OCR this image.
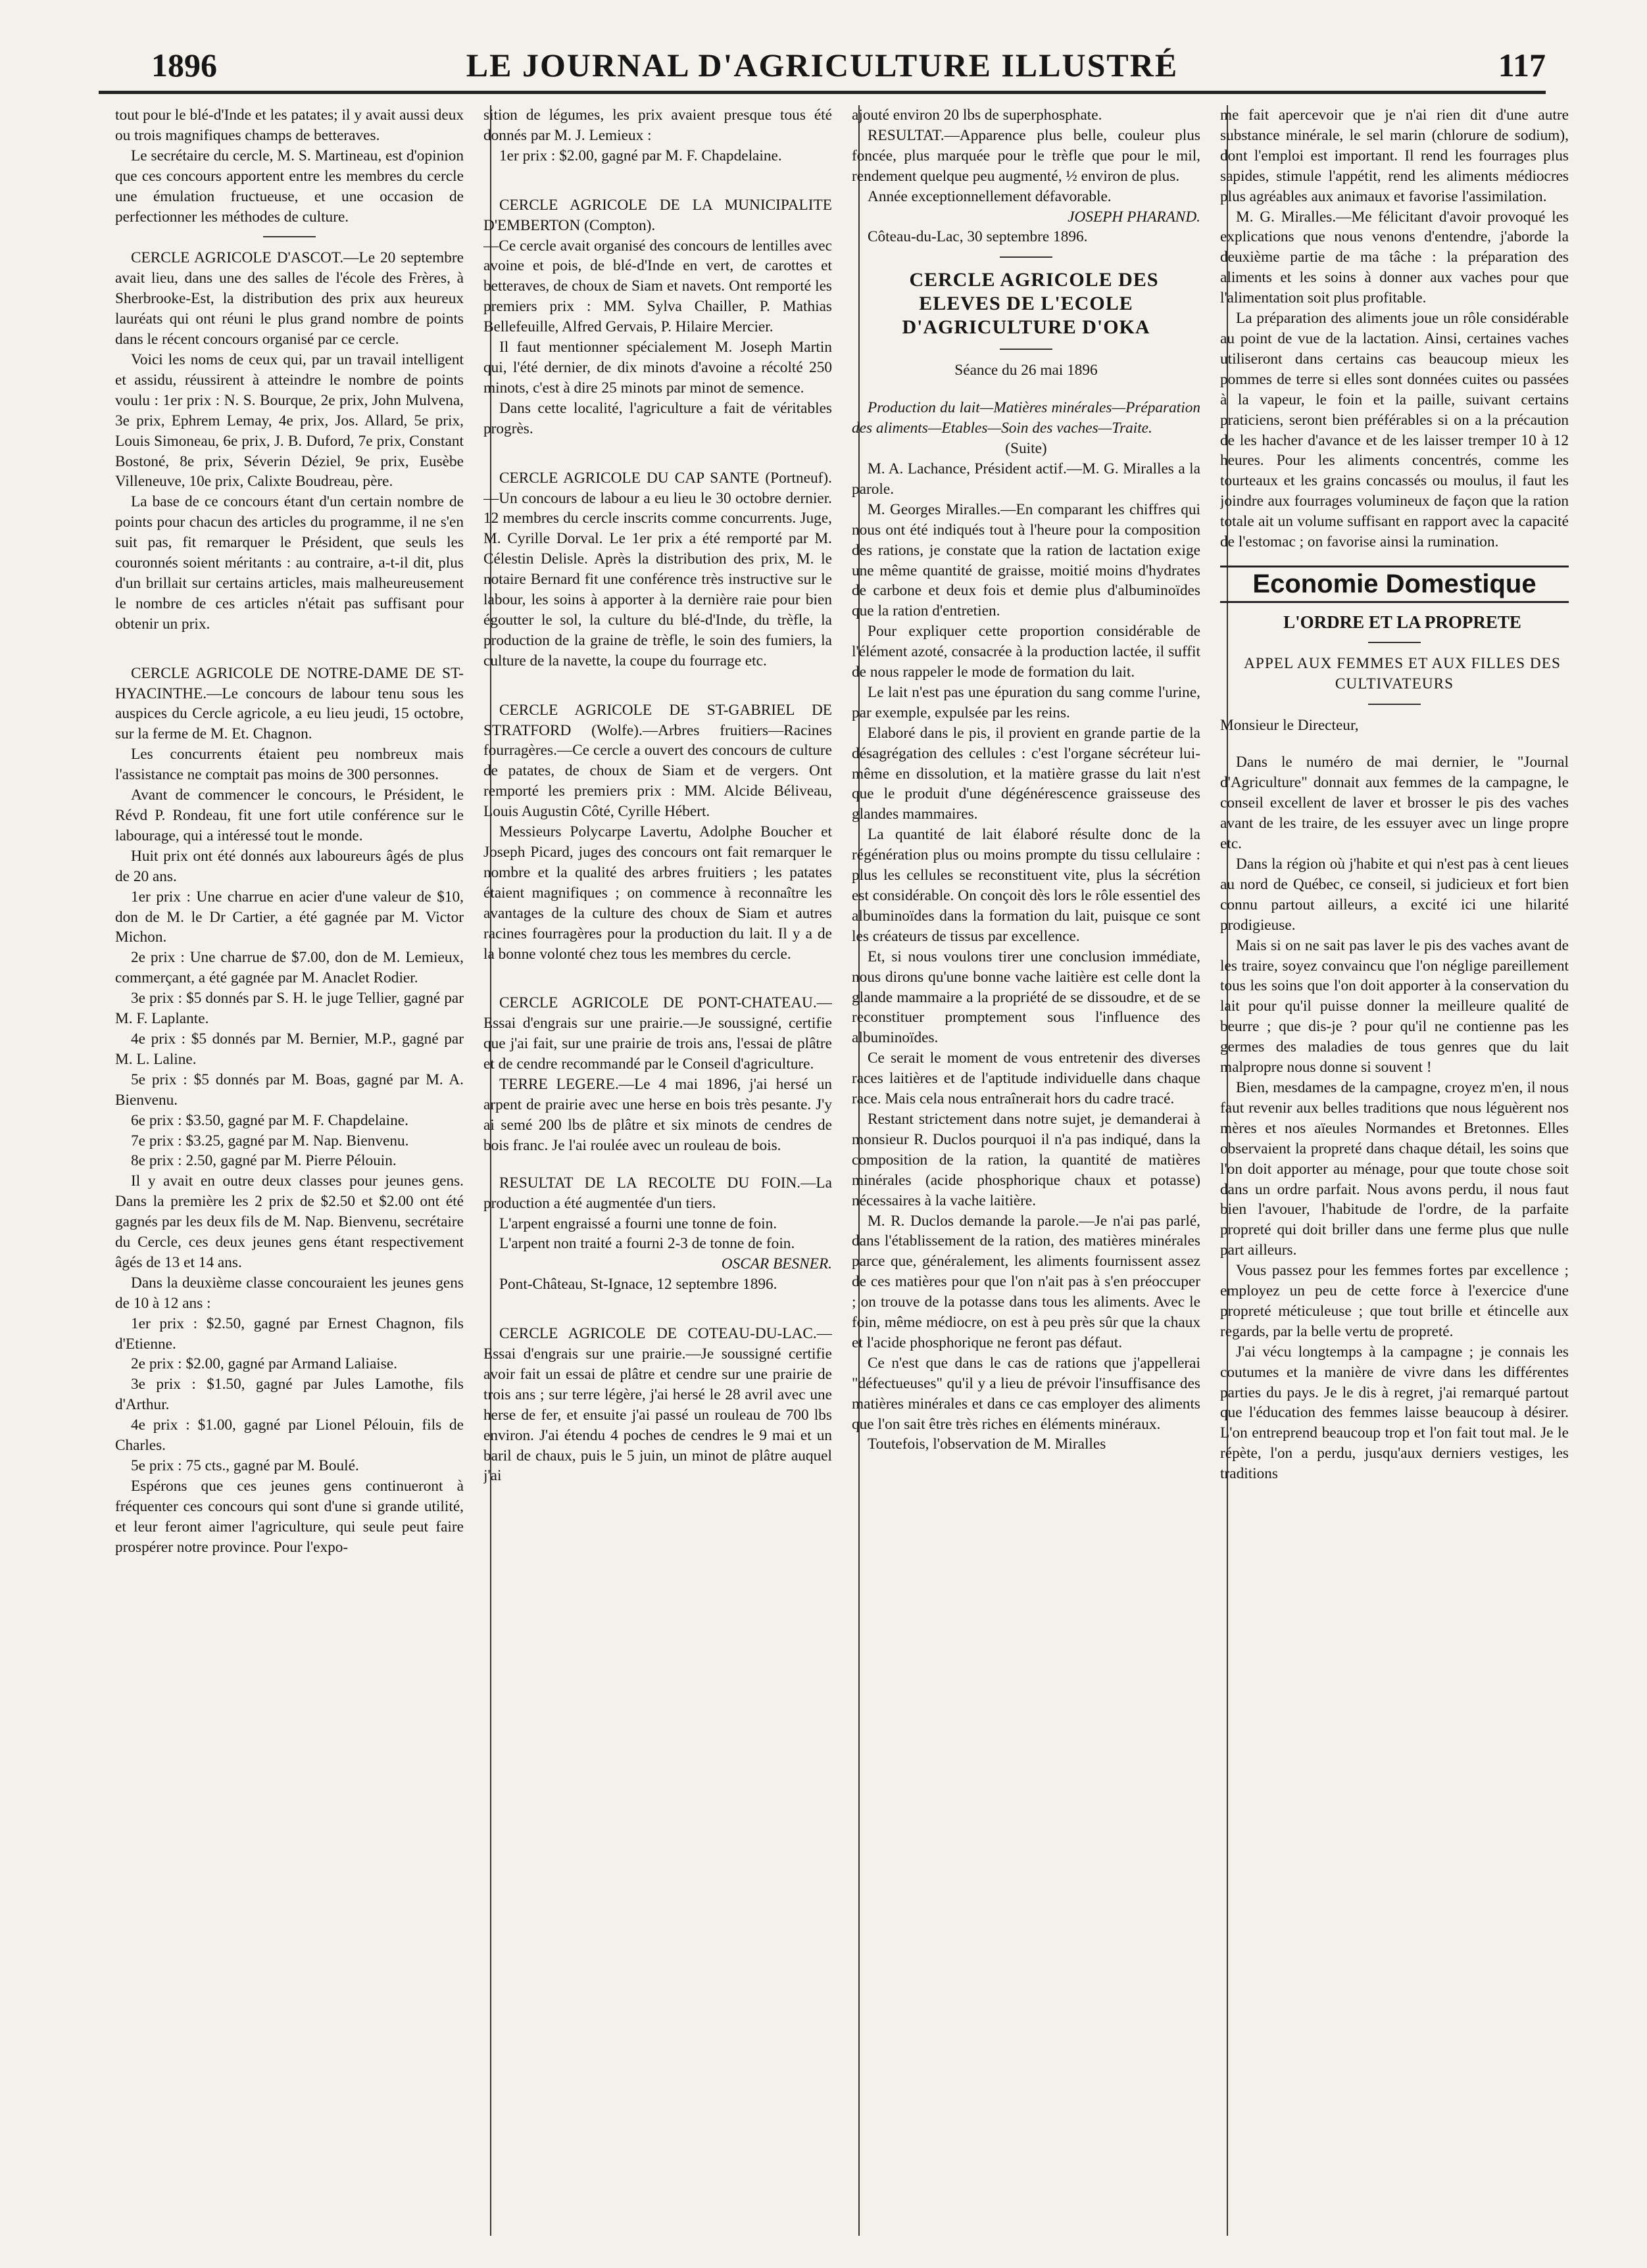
1896	LE JOURNAL D'AGRICULTURE ILLUSTRÉ	117

tout pour le blé-d'Inde et les patates; il y avait aussi deux ou trois magnifiques champs de betteraves.

Le secrétaire du cercle, M. S. Martineau, est d'opinion que ces concours apportent entre les membres du cercle une émulation fructueuse, et une occasion de perfectionner les méthodes de culture.

CERCLE AGRICOLE D'ASCOT.—Le 20 septembre avait lieu, dans une des salles de l'école des Frères, à Sherbrooke-Est, la distribution des prix aux heureux lauréats qui ont réuni le plus grand nombre de points dans le récent concours organisé par ce cercle.

Voici les noms de ceux qui, par un travail intelligent et assidu, réussirent à atteindre le nombre de points voulu : 1er prix : N. S. Bourque, 2e prix, John Mulvena, 3e prix, Ephrem Lemay, 4e prix, Jos. Allard, 5e prix, Louis Simoneau, 6e prix, J. B. Duford, 7e prix, Constant Bostoné, 8e prix, Séverin Déziel, 9e prix, Eusèbe Villeneuve, 10e prix, Calixte Boudreau, père.

La base de ce concours étant d'un certain nombre de points pour chacun des articles du programme, il ne s'en suit pas, fit remarquer le Président, que seuls les couronnés soient méritants : au contraire, a-t-il dit, plus d'un brillait sur certains articles, mais malheureusement le nombre de ces articles n'était pas suffisant pour obtenir un prix.

CERCLE AGRICOLE DE NOTRE-DAME DE ST-HYACINTHE.—Le concours de labour tenu sous les auspices du Cercle agricole, a eu lieu jeudi, 15 octobre, sur la ferme de M. Et. Chagnon.

Les concurrents étaient peu nombreux mais l'assistance ne comptait pas moins de 300 personnes.

Avant de commencer le concours, le Président, le Révd P. Rondeau, fit une fort utile conférence sur le labourage, qui a intéressé tout le monde.

Huit prix ont été donnés aux laboureurs âgés de plus de 20 ans.

1er prix : Une charrue en acier d'une valeur de $10, don de M. le Dr Cartier, a été gagnée par M. Victor Michon.

2e prix : Une charrue de $7.00, don de M. Lemieux, commerçant, a été gagnée par M. Anaclet Rodier.

3e prix : $5 donnés par S. H. le juge Tellier, gagné par M. F. Laplante.

4e prix : $5 donnés par M. Bernier, M.P., gagné par M. L. Laline.

5e prix : $5 donnés par M. Boas, gagné par M. A. Bienvenu.

6e prix : $3.50, gagné par M. F. Chapdelaine.

7e prix : $3.25, gagné par M. Nap. Bienvenu.

8e prix : 2.50, gagné par M. Pierre Pélouin.

Il y avait en outre deux classes pour jeunes gens. Dans la première les 2 prix de $2.50 et $2.00 ont été gagnés par les deux fils de M. Nap. Bienvenu, secrétaire du Cercle, ces deux jeunes gens étant respectivement âgés de 13 et 14 ans.

Dans la deuxième classe concouraient les jeunes gens de 10 à 12 ans :

1er prix : $2.50, gagné par Ernest Chagnon, fils d'Etienne.

2e prix : $2.00, gagné par Armand Laliaise.

3e prix : $1.50, gagné par Jules Lamothe, fils d'Arthur.

4e prix : $1.00, gagné par Lionel Pélouin, fils de Charles.

5e prix : 75 cts., gagné par M. Boulé.

Espérons que ces jeunes gens continueront à fréquenter ces concours qui sont d'une si grande utilité, et leur feront aimer l'agriculture, qui seule peut faire prospérer notre province. Pour l'expo-

sition de légumes, les prix avaient presque tous été donnés par M. J. Lemieux :

1er prix : $2.00, gagné par M. F. Chapdelaine.

CERCLE AGRICOLE DE LA MUNICIPALITE D'EMBERTON (Compton).

—Ce cercle avait organisé des concours de lentilles avec avoine et pois, de blé-d'Inde en vert, de carottes et betteraves, de choux de Siam et navets. Ont remporté les premiers prix : MM. Sylva Chailler, P. Mathias Bellefeuille, Alfred Gervais, P. Hilaire Mercier.

Il faut mentionner spécialement M. Joseph Martin qui, l'été dernier, de dix minots d'avoine a récolté 250 minots, c'est à dire 25 minots par minot de semence.

Dans cette localité, l'agriculture a fait de véritables progrès.

CERCLE AGRICOLE DU CAP SANTE (Portneuf).—Un concours de labour a eu lieu le 30 octobre dernier. 12 membres du cercle inscrits comme concurrents. Juge, M. Cyrille Dorval. Le 1er prix a été remporté par M. Célestin Delisle. Après la distribution des prix, M. le notaire Bernard fit une conférence très instructive sur le labour, les soins à apporter à la dernière raie pour bien égoutter le sol, la culture du blé-d'Inde, du trèfle, la production de la graine de trèfle, le soin des fumiers, la culture de la navette, la coupe du fourrage etc.

CERCLE AGRICOLE DE ST-GABRIEL DE STRATFORD (Wolfe).—Arbres fruitiers—Racines fourragères.—Ce cercle a ouvert des concours de culture de patates, de choux de Siam et de vergers. Ont remporté les premiers prix : MM. Alcide Béliveau, Louis Augustin Côté, Cyrille Hébert.

Messieurs Polycarpe Lavertu, Adolphe Boucher et Joseph Picard, juges des concours ont fait remarquer le nombre et la qualité des arbres fruitiers ; les patates étaient magnifiques ; on commence à reconnaître les avantages de la culture des choux de Siam et autres racines fourragères pour la production du lait. Il y a de la bonne volonté chez tous les membres du cercle.

CERCLE AGRICOLE DE PONT-CHATEAU.—Essai d'engrais sur une prairie.—Je soussigné, certifie que j'ai fait, sur une prairie de trois ans, l'essai de plâtre et de cendre recommandé par le Conseil d'agriculture.

TERRE LEGERE.—Le 4 mai 1896, j'ai hersé un arpent de prairie avec une herse en bois très pesante. J'y ai semé 200 lbs de plâtre et six minots de cendres de bois franc. Je l'ai roulée avec un rouleau de bois.

RESULTAT DE LA RECOLTE DU FOIN.—La production a été augmentée d'un tiers.

L'arpent engraissé a fourni une tonne de foin.

L'arpent non traité a fourni 2-3 de tonne de foin.

OSCAR BESNER.

Pont-Château, St-Ignace, 12 septembre 1896.

CERCLE AGRICOLE DE COTEAU-DU-LAC.—Essai d'engrais sur une prairie.—Je soussigné certifie avoir fait un essai de plâtre et cendre sur une prairie de trois ans ; sur terre légère, j'ai hersé le 28 avril avec une herse de fer, et ensuite j'ai passé un rouleau de 700 lbs environ. J'ai étendu 4 poches de cendres le 9 mai et un baril de chaux, puis le 5 juin, un minot de plâtre auquel j'ai

ajouté environ 20 lbs de superphosphate.

RESULTAT.—Apparence plus belle, couleur plus foncée, plus marquée pour le trèfle que pour le mil, rendement quelque peu augmenté, ½ environ de plus.

Année exceptionnellement défavorable.

JOSEPH PHARAND.

Côteau-du-Lac, 30 septembre 1896.

CERCLE AGRICOLE DES ELEVES DE L'ECOLE D'AGRICULTURE D'OKA

Séance du 26 mai 1896

Production du lait—Matières minérales—Préparation des aliments—Etables—Soin des vaches—Traite.

(Suite)

M. A. Lachance, Président actif.—M. G. Miralles a la parole.

M. Georges Miralles.—En comparant les chiffres qui nous ont été indiqués tout à l'heure pour la composition des rations, je constate que la ration de lactation exige une même quantité de graisse, moitié moins d'hydrates de carbone et deux fois et demie plus d'albuminoïdes que la ration d'entretien.

Pour expliquer cette proportion considérable de l'élément azoté, consacrée à la production lactée, il suffit de nous rappeler le mode de formation du lait.

Le lait n'est pas une épuration du sang comme l'urine, par exemple, expulsée par les reins.

Elaboré dans le pis, il provient en grande partie de la désagrégation des cellules : c'est l'organe sécréteur lui-même en dissolution, et la matière grasse du lait n'est que le produit d'une dégénérescence graisseuse des glandes mammaires.

La quantité de lait élaboré résulte donc de la régénération plus ou moins prompte du tissu cellulaire : plus les cellules se reconstituent vite, plus la sécrétion est considérable. On conçoit dès lors le rôle essentiel des albuminoïdes dans la formation du lait, puisque ce sont les créateurs de tissus par excellence.

Et, si nous voulons tirer une conclusion immédiate, nous dirons qu'une bonne vache laitière est celle dont la glande mammaire a la propriété de se dissoudre, et de se reconstituer promptement sous l'influence des albuminoïdes.

Ce serait le moment de vous entretenir des diverses races laitières et de l'aptitude individuelle dans chaque race. Mais cela nous entraînerait hors du cadre tracé.

Restant strictement dans notre sujet, je demanderai à monsieur R. Duclos pourquoi il n'a pas indiqué, dans la composition de la ration, la quantité de matières minérales (acide phosphorique chaux et potasse) nécessaires à la vache laitière.

M. R. Duclos demande la parole.—Je n'ai pas parlé, dans l'établissement de la ration, des matières minérales parce que, généralement, les aliments fournissent assez de ces matières pour que l'on n'ait pas à s'en préoccuper ; on trouve de la potasse dans tous les aliments. Avec le foin, même médiocre, on est à peu près sûr que la chaux et l'acide phosphorique ne feront pas défaut.

Ce n'est que dans le cas de rations que j'appellerai "défectueuses" qu'il y a lieu de prévoir l'insuffisance des matières minérales et dans ce cas employer des aliments que l'on sait être très riches en éléments minéraux.

Toutefois, l'observation de M. Miralles

me fait apercevoir que je n'ai rien dit d'une autre substance minérale, le sel marin (chlorure de sodium), dont l'emploi est important. Il rend les fourrages plus sapides, stimule l'appétit, rend les aliments médiocres plus agréables aux animaux et favorise l'assimilation.

M. G. Miralles.—Me félicitant d'avoir provoqué les explications que nous venons d'entendre, j'aborde la deuxième partie de ma tâche : la préparation des aliments et les soins à donner aux vaches pour que l'alimentation soit plus profitable.

La préparation des aliments joue un rôle considérable au point de vue de la lactation. Ainsi, certaines vaches utiliseront dans certains cas beaucoup mieux les pommes de terre si elles sont données cuites ou passées à la vapeur, le foin et la paille, suivant certains praticiens, seront bien préférables si on a la précaution de les hacher d'avance et de les laisser tremper 10 à 12 heures. Pour les aliments concentrés, comme les tourteaux et les grains concassés ou moulus, il faut les joindre aux fourrages volumineux de façon que la ration totale ait un volume suffisant en rapport avec la capacité de l'estomac ; on favorise ainsi la rumination.

Economie Domestique

L'ORDRE ET LA PROPRETE

APPEL AUX FEMMES ET AUX FILLES DES CULTIVATEURS

Monsieur le Directeur,

Dans le numéro de mai dernier, le "Journal d'Agriculture" donnait aux femmes de la campagne, le conseil excellent de laver et brosser le pis des vaches avant de les traire, de les essuyer avec un linge propre etc.

Dans la région où j'habite et qui n'est pas à cent lieues au nord de Québec, ce conseil, si judicieux et fort bien connu partout ailleurs, a excité ici une hilarité prodigieuse.

Mais si on ne sait pas laver le pis des vaches avant de les traire, soyez convaincu que l'on néglige pareillement tous les soins que l'on doit apporter à la conservation du lait pour qu'il puisse donner la meilleure qualité de beurre ; que dis-je ? pour qu'il ne contienne pas les germes des maladies de tous genres que du lait malpropre nous donne si souvent !

Bien, mesdames de la campagne, croyez m'en, il nous faut revenir aux belles traditions que nous léguèrent nos mères et nos aïeules Normandes et Bretonnes. Elles observaient la propreté dans chaque détail, les soins que l'on doit apporter au ménage, pour que toute chose soit dans un ordre parfait. Nous avons perdu, il nous faut bien l'avouer, l'habitude de l'ordre, de la parfaite propreté qui doit briller dans une ferme plus que nulle part ailleurs.

Vous passez pour les femmes fortes par excellence ; employez un peu de cette force à l'exercice d'une propreté méticuleuse ; que tout brille et étincelle aux regards, par la belle vertu de propreté.

J'ai vécu longtemps à la campagne ; je connais les coutumes et la manière de vivre dans les différentes parties du pays. Je le dis à regret, j'ai remarqué partout que l'éducation des femmes laisse beaucoup à désirer. L'on entreprend beaucoup trop et l'on fait tout mal. Je le répète, l'on a perdu, jusqu'aux derniers vestiges, les traditions
